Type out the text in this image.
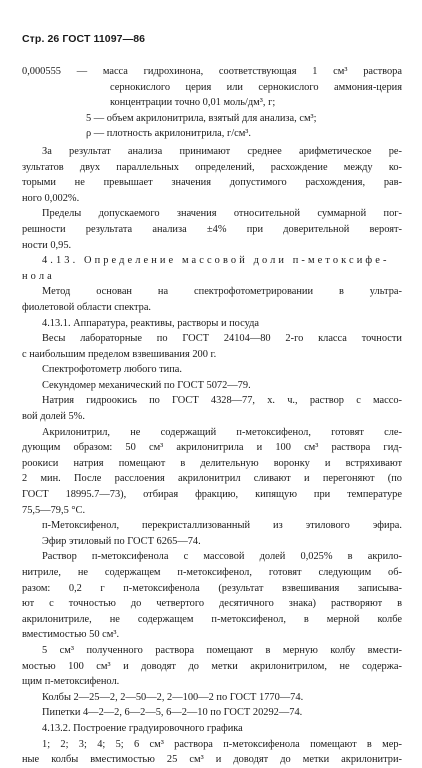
Стр. 26 ГОСТ 11097—86
0,000555 — масса гидрохинона, соответствующая 1 см³ раствора
сернокислого церия или сернокислого аммония-церия
концентрации точно 0,01 моль/дм³, г;
5 — объем акрилонитрила, взятый для анализа, см³;
ρ — плотность акрилонитрила, г/см³.
За результат анализа принимают среднее арифметическое ре-
зультатов двух параллельных определений, расхождение между ко-
торыми не превышает значения допустимого расхождения, рав-
ного 0,002%.
Пределы допускаемого значения относительной суммарной пог-
решности результата анализа ±4% при доверительной вероят-
ности 0,95.
4.13. Определение массовой доли п-метоксифе-
нола
Метод основан на спектрофотометрировании в ультра-
фиолетовой области спектра.
4.13.1. Аппаратура, реактивы, растворы и посуда
Весы лабораторные по ГОСТ 24104—80 2-го класса точности
с наибольшим пределом взвешивания 200 г.
Спектрофотометр любого типа.
Секундомер механический по ГОСТ 5072—79.
Натрия гидроокись по ГОСТ 4328—77, х. ч., раствор с массо-
вой долей 5%.
Акрилонитрил, не содержащий п-метоксифенол, готовят сле-
дующим образом: 50 см³ акрилонитрила и 100 см³ раствора гид-
роокиси натрия помещают в делительную воронку и встряхивают
2 мин. После расслоения акрилонитрил сливают и перегоняют (по
ГОСТ 18995.7—73), отбирая фракцию, кипящую при температуре
75,5—79,5 °С.
п-Метоксифенол, перекристаллизованный из этилового эфира.
Эфир этиловый по ГОСТ 6265—74.
Раствор п-метоксифенола с массовой долей 0,025% в акрило-
нитриле, не содержащем п-метоксифенол, готовят следующим об-
разом: 0,2 г п-метоксифенола (результат взвешивания записыва-
ют с точностью до четвертого десятичного знака) растворяют в
акрилонитриле, не содержащем п-метоксифенол, в мерной колбе
вместимостью 50 см³.
5 см³ полученного раствора помещают в мерную колбу вмести-
мостью 100 см³ и доводят до метки акрилонитрилом, не содержа-
щим п-метоксифенол.
Колбы 2—25—2, 2—50—2, 2—100—2 по ГОСТ 1770—74.
Пипетки 4—2—2, 6—2—5, 6—2—10 по ГОСТ 20292—74.
4.13.2. Построение градуировочного графика
1; 2; 3; 4; 5; 6 см³ раствора п-метоксифенола помещают в мер-
ные колбы вместимостью 25 см³ и доводят до метки акрилонитри-
